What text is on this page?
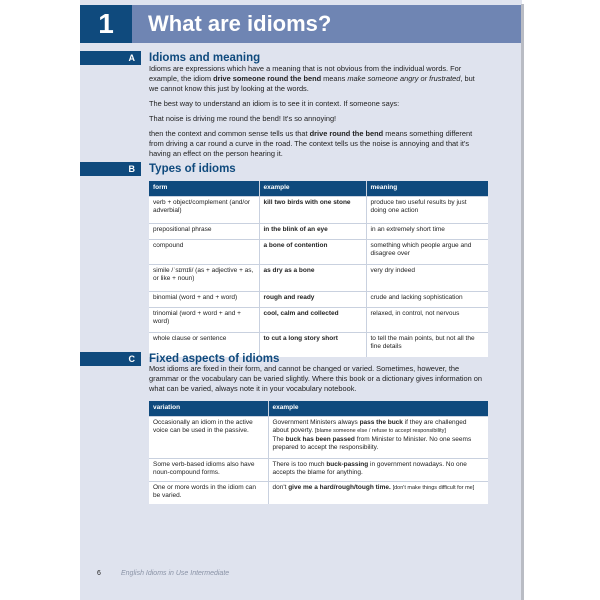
1	What are idioms?
A	Idioms and meaning

Idioms are expressions which have a meaning that is not obvious from the individual words. For example, the idiom drive someone round the bend means make someone angry or frustrated, but we cannot know this just by looking at the words.

The best way to understand an idiom is to see it in context. If someone says:

That noise is driving me round the bend! It's so annoying!

then the context and common sense tells us that drive round the bend means something different from driving a car round a curve in the road. The context tells us the noise is annoying and that it's having an effect on the person hearing it.

B	Types of idioms
form	example	meaning
verb + object/complement (and/or adverbial)	kill two birds with one stone	produce two useful results by just doing one action
prepositional phrase	in the blink of an eye	in an extremely short time
compound	a bone of contention	something which people argue and disagree over
simile /ˈsɪmɪli/ (as + adjective + as, or like + noun)	as dry as a bone	very dry indeed
binomial (word + and + word)	rough and ready	crude and lacking sophistication
trinomial (word + word + and + word)	cool, calm and collected	relaxed, in control, not nervous
whole clause or sentence	to cut a long story short	to tell the main points, but not all the fine details
C	Fixed aspects of idioms
Most idioms are fixed in their form, and cannot be changed or varied. Sometimes, however, the grammar or the vocabulary can be varied slightly. Where this book or a dictionary gives information on what can be varied, always note it in your vocabulary notebook.
variation	example
Occasionally an idiom in the active voice can be used in the passive.	Government Ministers always pass the buck if they are challenged about poverty. [blame someone else / refuse to accept responsibility]
The buck has been passed from Minister to Minister. No one seems prepared to accept the responsibility.
Some verb-based idioms also have noun-compound forms.	There is too much buck-passing in government nowadays. No one accepts the blame for anything.
One or more words in the idiom can be varied.	don't give me a hard/rough/tough time. [don't make things difficult for me]
6	English Idioms in Use Intermediate
